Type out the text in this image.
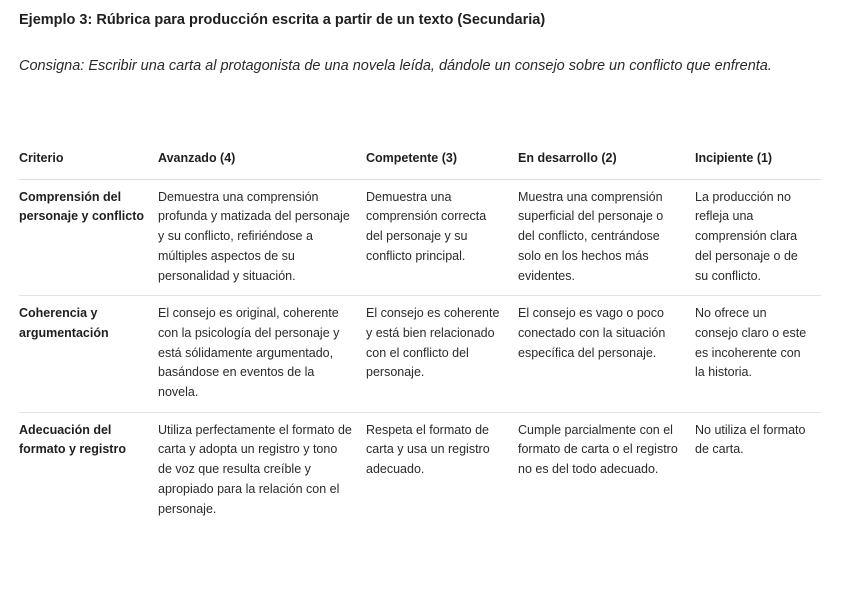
Ejemplo 3: Rúbrica para producción escrita a partir de un texto (Secundaria)
Consigna: Escribir una carta al protagonista de una novela leída, dándole un consejo sobre un conflicto que enfrenta.
Criterio	Avanzado (4)	Competente (3)	En desarrollo (2)	Incipiente (1)
Comprensión del personaje y conflicto	Demuestra una comprensión profunda y matizada del personaje y su conflicto, refiriéndose a múltiples aspectos de su personalidad y situación.	Demuestra una comprensión correcta del personaje y su conflicto principal.	Muestra una comprensión superficial del personaje o del conflicto, centrándose solo en los hechos más evidentes.	La producción no refleja una comprensión clara del personaje o de su conflicto.
Coherencia y argumentación	El consejo es original, coherente con la psicología del personaje y está sólidamente argumentado, basándose en eventos de la novela.	El consejo es coherente y está bien relacionado con el conflicto del personaje.	El consejo es vago o poco conectado con la situación específica del personaje.	No ofrece un consejo claro o este es incoherente con la historia.
Adecuación del formato y registro	Utiliza perfectamente el formato de carta y adopta un registro y tono de voz que resulta creíble y apropiado para la relación con el personaje.	Respeta el formato de carta y usa un registro adecuado.	Cumple parcialmente con el formato de carta o el registro no es del todo adecuado.	No utiliza el formato de carta.
